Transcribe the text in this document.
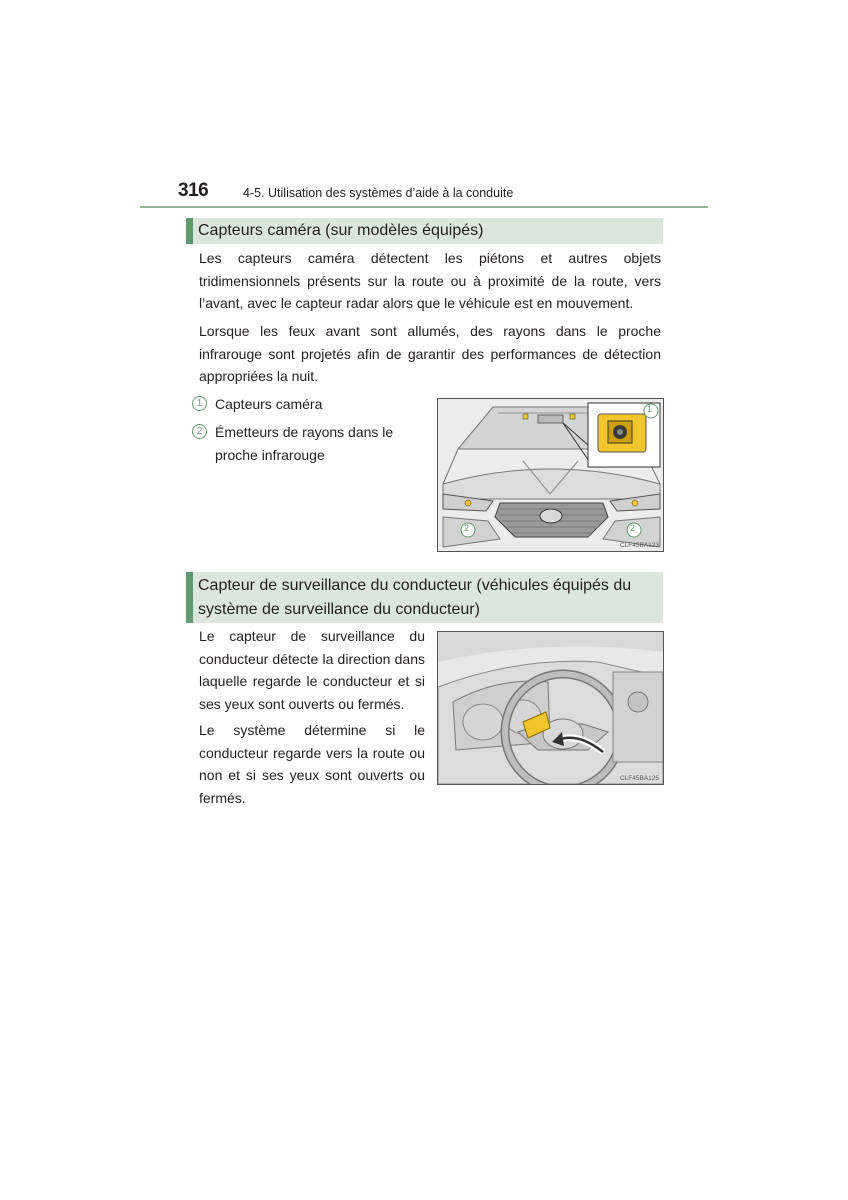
316	4-5. Utilisation des systèmes d’aide à la conduite
Capteurs caméra (sur modèles équipés)
Les capteurs caméra détectent les piétons et autres objets tridimensionnels présents sur la route ou à proximité de la route, vers l’avant, avec le capteur radar alors que le véhicule est en mouvement.
Lorsque les feux avant sont allumés, des rayons dans le proche infrarouge sont projetés afin de garantir des performances de détection appropriées la nuit.
1 Capteurs caméra
2 Émetteurs de rayons dans le proche infrarouge
1
2	2
CLF45BA123
Capteur de surveillance du conducteur (véhicules équipés du système de surveillance du conducteur)
Le capteur de surveillance du conducteur détecte la direction dans laquelle regarde le conducteur et si ses yeux sont ouverts ou fermés.
Le système détermine si le conducteur regarde vers la route ou non et si ses yeux sont ouverts ou fermés.
CLF45BA125
